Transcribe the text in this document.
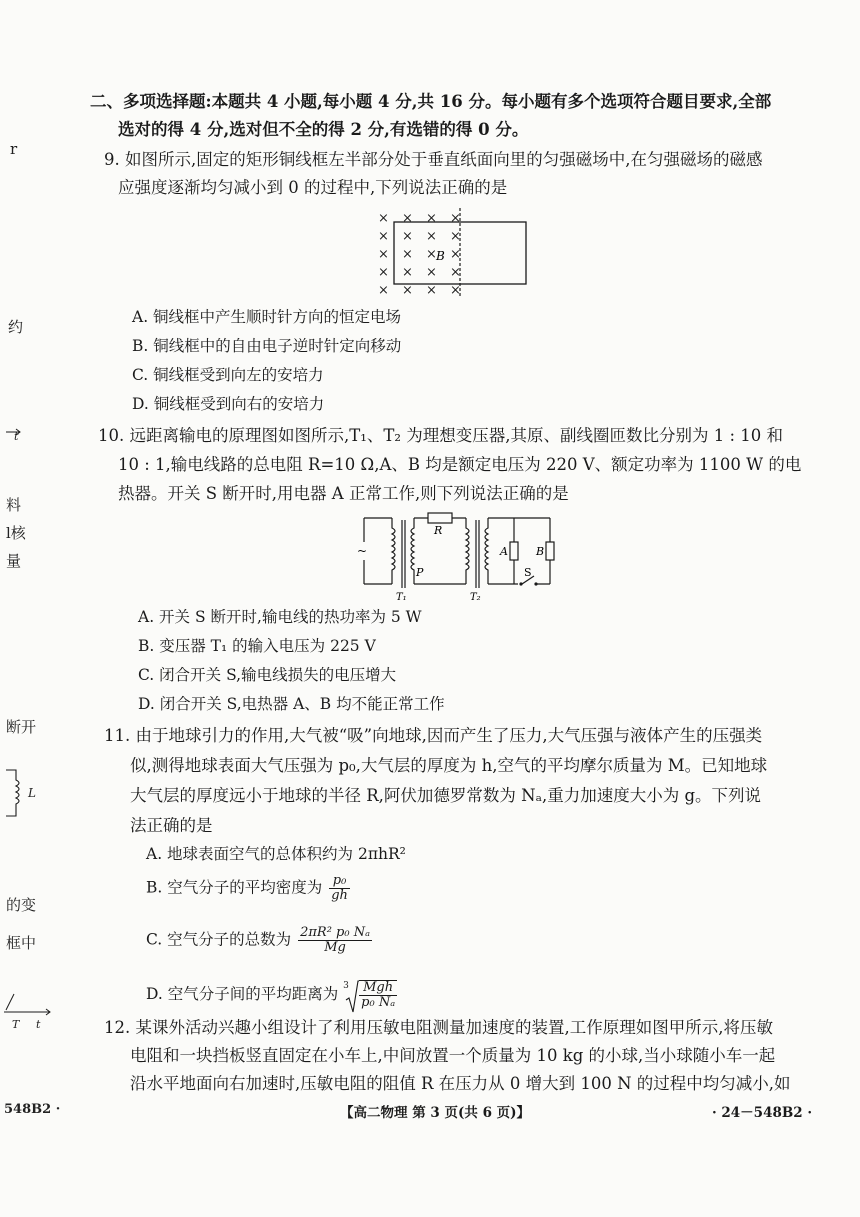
二、多项选择题:本题共 4 小题,每小题 4 分,共 16 分。每小题有多个选项符合题目要求,全部
选对的得 4 分,选对但不全的得 2 分,有选错的得 0 分。
9. 如图所示,固定的矩形铜线框左半部分处于垂直纸面向里的匀强磁场中,在匀强磁场的磁感
应强度逐渐均匀减小到 0 的过程中,下列说法正确的是
× × × ×
× × × ×
× × × ×
× × × ×
× × × ×
B
A. 铜线框中产生顺时针方向的恒定电场
B. 铜线框中的自由电子逆时针定向移动
C. 铜线框受到向左的安培力
D. 铜线框受到向右的安培力
10. 远距离输电的原理图如图所示,T₁、T₂ 为理想变压器,其原、副线圈匝数比分别为 1 : 10 和
10 : 1,输电线路的总电阻 R=10 Ω,A、B 均是额定电压为 220 V、额定功率为 1100 W 的电
热器。开关 S 断开时,用电器 A 正常工作,则下列说法正确的是
~
R
P
A	B
S
T₁	T₂
A. 开关 S 断开时,输电线的热功率为 5 W
B. 变压器 T₁ 的输入电压为 225 V
C. 闭合开关 S,输电线损失的电压增大
D. 闭合开关 S,电热器 A、B 均不能正常工作
11. 由于地球引力的作用,大气被“吸”向地球,因而产生了压力,大气压强与液体产生的压强类
似,测得地球表面大气压强为 p₀,大气层的厚度为 h,空气的平均摩尔质量为 M。已知地球
大气层的厚度远小于地球的半径 R,阿伏加德罗常数为 Nₐ,重力加速度大小为 g。下列说
法正确的是
A. 地球表面空气的总体积约为 2πhR²
B. 空气分子的平均密度为 $\frac{\text{p₀}}{gh}$
C. 空气分子的总数为 $\frac{\text{2πR² p₀ Nₐ}}{Mg}$
D. 空气分子间的平均距离为 $3 \frac{\text{Mgh}}{\text{p₀ Nₐ}}$
12. 某课外活动兴趣小组设计了利用压敏电阻测量加速度的装置,工作原理如图甲所示,将压敏
电阻和一块挡板竖直固定在小车上,中间放置一个质量为 10 kg 的小球,当小球随小车一起
沿水平地面向右加速时,压敏电阻的阻值 R 在压力从 0 增大到 100 N 的过程中均匀减小,如
r
约
t
料
l核
量
断开
L
的变
框中
T t
548B2 ·	【高二物理 第 3 页(共 6 页)】	· 24－548B2 ·
